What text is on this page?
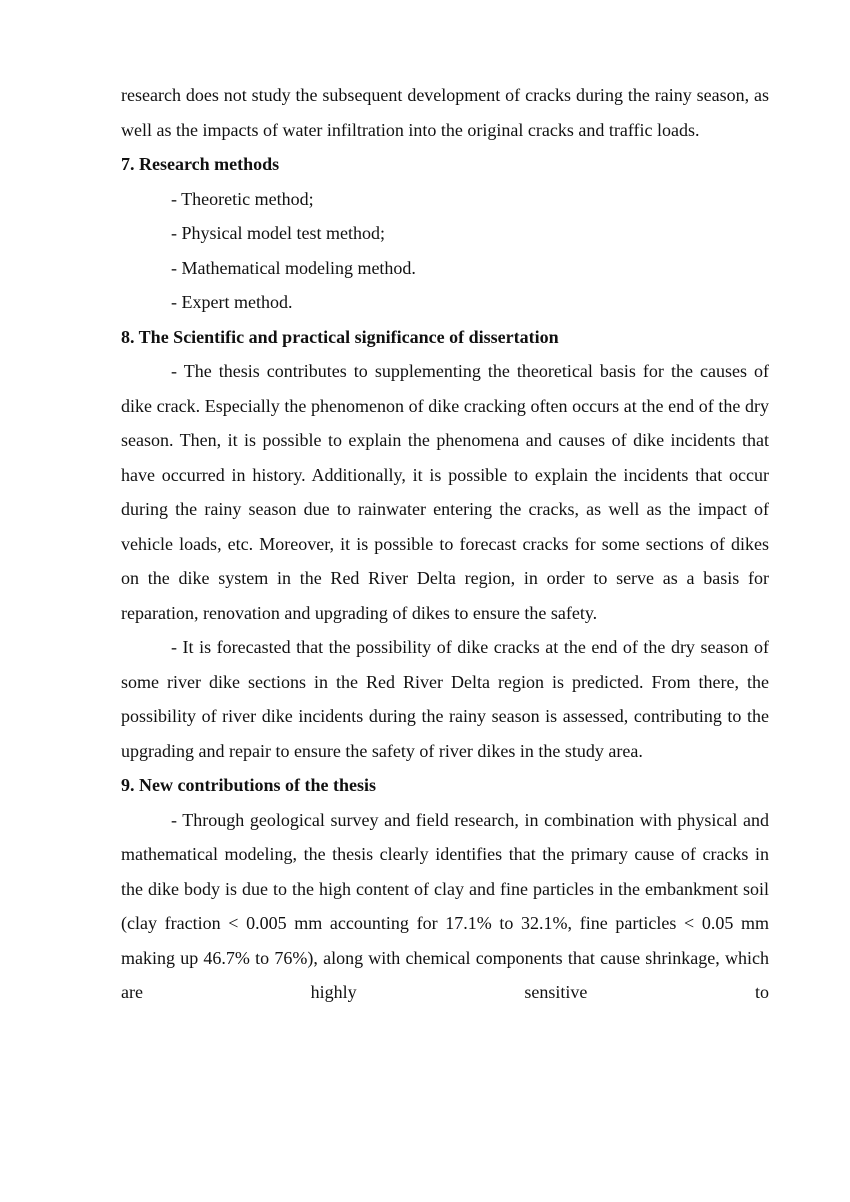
research does not study the subsequent development of cracks during the rainy season, as well as the impacts of water infiltration into the original cracks and traffic loads.

7. Research methods

- Theoretic method;
- Physical model test method;
- Mathematical modeling method.
- Expert method.

8. The Scientific and practical significance of dissertation

- The thesis contributes to supplementing the theoretical basis for the causes of dike crack. Especially the phenomenon of dike cracking often occurs at the end of the dry season. Then, it is possible to explain the phenomena and causes of dike incidents that have occurred in history. Additionally, it is possible to explain the incidents that occur during the rainy season due to rainwater entering the cracks, as well as the impact of vehicle loads, etc. Moreover, it is possible to forecast cracks for some sections of dikes on the dike system in the Red River Delta region, in order to serve as a basis for reparation, renovation and upgrading of dikes to ensure the safety.

- It is forecasted that the possibility of dike cracks at the end of the dry season of some river dike sections in the Red River Delta region is predicted. From there, the possibility of river dike incidents during the rainy season is assessed, contributing to the upgrading and repair to ensure the safety of river dikes in the study area.

9. New contributions of the thesis

- Through geological survey and field research, in combination with physical and mathematical modeling, the thesis clearly identifies that the primary cause of cracks in the dike body is due to the high content of clay and fine particles in the embankment soil (clay fraction < 0.005 mm accounting for 17.1% to 32.1%, fine particles < 0.05 mm making up 46.7% to 76%), along with chemical components that cause shrinkage, which are highly sensitive to
